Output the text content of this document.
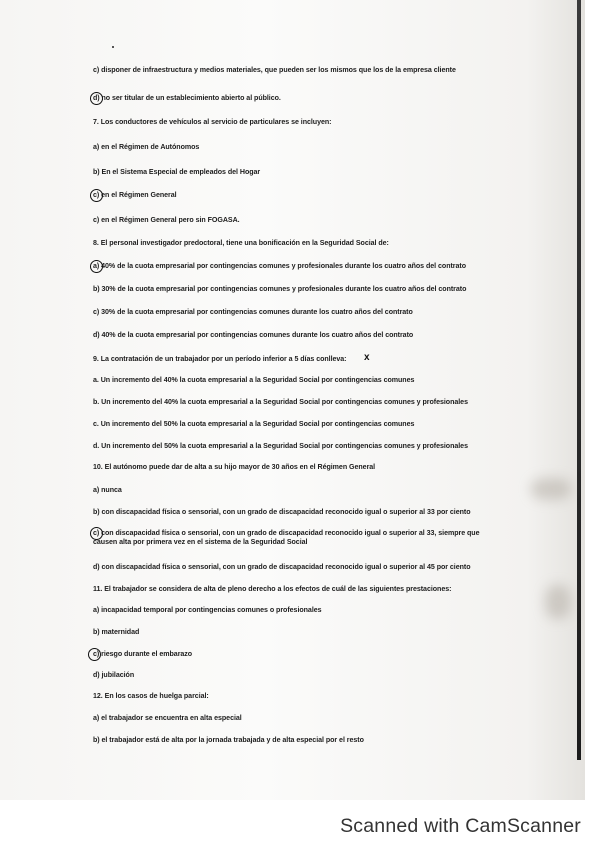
c) disponer de infraestructura y medios materiales, que pueden ser los mismos que los de la empresa cliente
d) no ser titular de un establecimiento abierto al público.
7. Los conductores de vehículos al servicio de particulares se incluyen:
a) en el Régimen de Autónomos
b) En el Sistema Especial de empleados del Hogar
c) en el Régimen General
c) en el Régimen General pero sin FOGASA.
8. El personal investigador predoctoral, tiene una bonificación en la Seguridad Social de:
a) 40% de la cuota empresarial por contingencias comunes y profesionales durante los cuatro años del contrato
b) 30% de la cuota empresarial por contingencias comunes y profesionales durante los cuatro años del contrato
c) 30% de la cuota empresarial por contingencias comunes durante los cuatro años del contrato
d) 40% de la cuota empresarial por contingencias comunes durante los cuatro años del contrato
9. La contratación de un trabajador por un período inferior a 5 días conlleva:
a. Un incremento del 40% la cuota empresarial a la Seguridad Social por contingencias comunes
b. Un incremento del 40% la cuota empresarial a la Seguridad Social por contingencias comunes y profesionales
c. Un incremento del 50% la cuota empresarial a la Seguridad Social por contingencias comunes
d. Un incremento del 50% la cuota empresarial a la Seguridad Social por contingencias comunes y profesionales
10. El autónomo puede dar de alta a su hijo mayor de 30 años en el Régimen General
a) nunca
b) con discapacidad física o sensorial, con un grado de discapacidad reconocido igual o superior al 33 por ciento
c) con discapacidad física o sensorial, con un grado de discapacidad reconocido igual o superior al 33, siempre que causen alta por primera vez en el sistema de la Seguridad Social
d) con discapacidad física o sensorial, con un grado de discapacidad reconocido igual o superior al 45 por ciento
11. El trabajador se considera de alta de pleno derecho a los efectos de cuál de las siguientes prestaciones:
a) incapacidad temporal por contingencias comunes o profesionales
b) maternidad
c) riesgo durante el embarazo
d) jubilación
12. En los casos de huelga parcial:
a) el trabajador se encuentra en alta especial
b) el trabajador está de alta por la jornada trabajada y de alta especial por el resto
x
Scanned with CamScanner
